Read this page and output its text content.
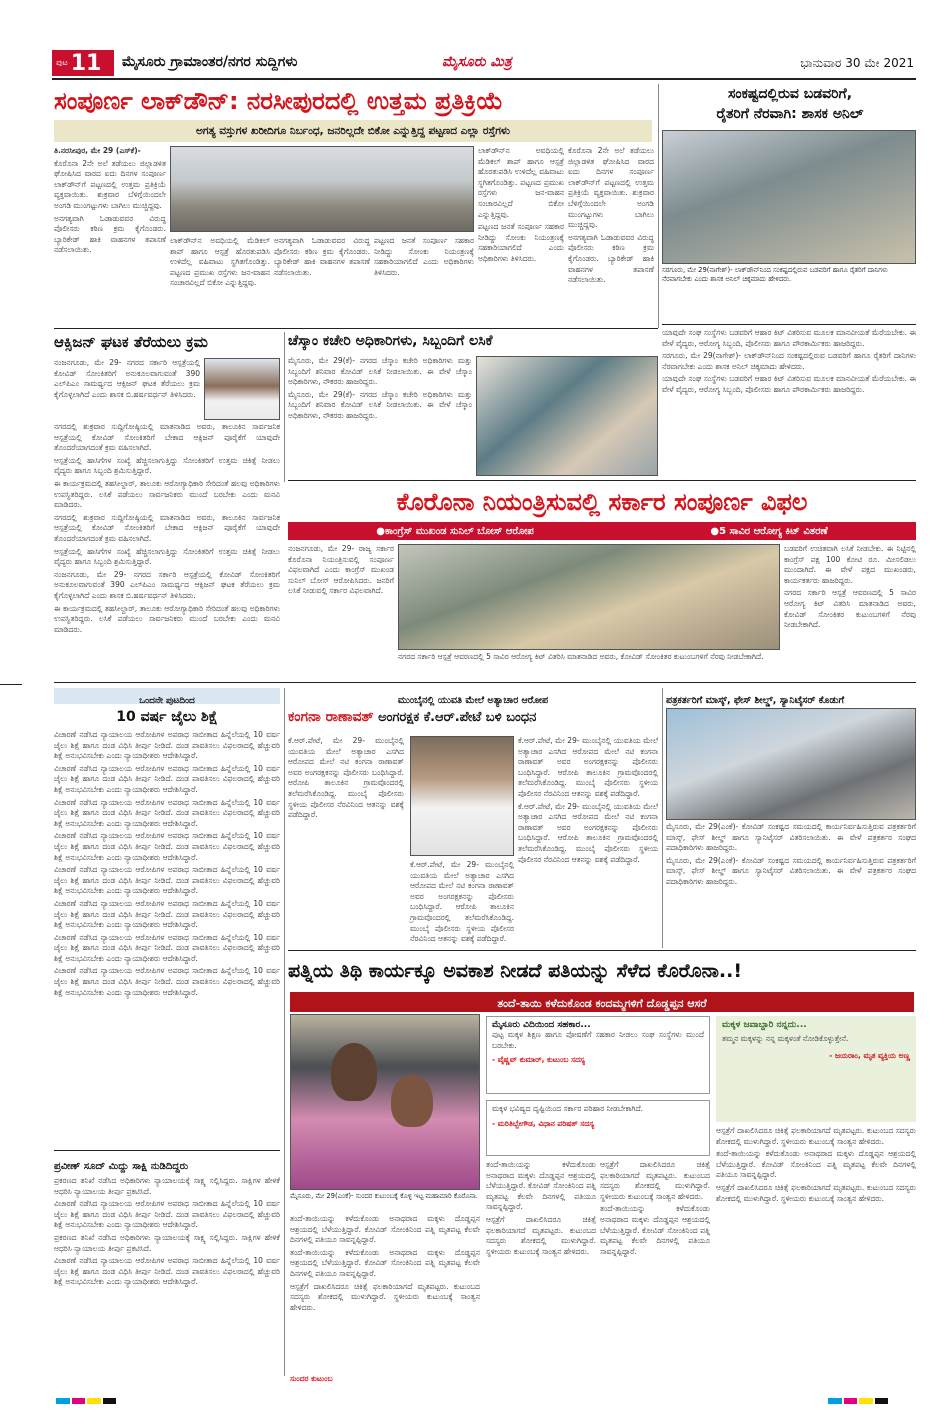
ಪುಟ 11 ಮೈಸೂರು ಗ್ರಾಮಾಂತರ/ನಗರ ಸುದ್ದಿಗಳು	ಮೈಸೂರು ಮಿತ್ರ	ಭಾನುವಾರ 30 ಮೇ 2021
ಸಂಪೂರ್ಣ ಲಾಕ್‌ಡೌನ್: ನರಸೀಪುರದಲ್ಲಿ ಉತ್ತಮ ಪ್ರತಿಕ್ರಿಯೆ
ಅಗತ್ಯ ವಸ್ತುಗಳ ಖರೀದಿಗೂ ನಿರ್ಬಂಧ, ಜನರಿಲ್ಲದೇ ಬಿಕೋ ಎನ್ನುತ್ತಿದ್ದ ಪಟ್ಟಣದ ಎಲ್ಲಾ ರಸ್ತೆಗಳು

ತಿ.ನರಸೀಪುರ, ಮೇ 29 (ಎಸ್‌ಕೆ)-

ಕೊರೊನಾ 2ನೇ ಅಲೆ ತಡೆಯಲು ಜಿಲ್ಲಾಡಳಿತ ಘೋಷಿಸಿದ ವಾರದ ಐದು ದಿನಗಳ ಸಂಪೂರ್ಣ ಲಾಕ್‌ಡೌನ್‌ಗೆ ಪಟ್ಟಣದಲ್ಲಿ ಉತ್ತಮ ಪ್ರತಿಕ್ರಿಯೆ ವ್ಯಕ್ತವಾಯಿತು. ಶುಕ್ರವಾರ ಬೆಳಿಗ್ಗೆಯಿಂದಲೇ ಅಂಗಡಿ ಮುಂಗಟ್ಟುಗಳು ಬಾಗಿಲು ಮುಚ್ಚಿದ್ದವು.

ಅನಗತ್ಯವಾಗಿ ಓಡಾಡುವವರ ವಿರುದ್ಧ ಪೊಲೀಸರು ಕಠಿಣ ಕ್ರಮ ಕೈಗೊಂಡರು. ಬ್ಯಾರಿಕೇಡ್ ಹಾಕಿ ವಾಹನಗಳ ತಪಾಸಣೆ ನಡೆಸಲಾಯಿತು.

ಲಾಕ್‌ಡೌನ್‌ನ ಅವಧಿಯಲ್ಲಿ ಮೆಡಿಕಲ್ ಶಾಪ್ ಹಾಗೂ ಆಸ್ಪತ್ರೆ ಹೊರತುಪಡಿಸಿ ಉಳಿದೆಲ್ಲ ವಹಿವಾಟು ಸ್ಥಗಿತಗೊಂಡಿತ್ತು. ಪಟ್ಟಣದ ಪ್ರಮುಖ ರಸ್ತೆಗಳು ಜನ-ವಾಹನ ಸಂಚಾರವಿಲ್ಲದೆ ಬಿಕೋ ಎನ್ನುತ್ತಿದ್ದವು.

ಅನಗತ್ಯವಾಗಿ ಓಡಾಡುವವರ ವಿರುದ್ಧ ಪೊಲೀಸರು ಕಠಿಣ ಕ್ರಮ ಕೈಗೊಂಡರು. ಬ್ಯಾರಿಕೇಡ್ ಹಾಕಿ ವಾಹನಗಳ ತಪಾಸಣೆ ನಡೆಸಲಾಯಿತು.

ಪಟ್ಟಣದ ಜನತೆ ಸಂಪೂರ್ಣ ಸಹಕಾರ ನೀಡಿದ್ದು ಸೋಂಕು ನಿಯಂತ್ರಣಕ್ಕೆ ಸಹಕಾರಿಯಾಗಲಿದೆ ಎಂದು ಅಧಿಕಾರಿಗಳು ತಿಳಿಸಿದರು.

ಲಾಕ್‌ಡೌನ್‌ನ ಅವಧಿಯಲ್ಲಿ ಮೆಡಿಕಲ್ ಶಾಪ್ ಹಾಗೂ ಆಸ್ಪತ್ರೆ ಹೊರತುಪಡಿಸಿ ಉಳಿದೆಲ್ಲ ವಹಿವಾಟು ಸ್ಥಗಿತಗೊಂಡಿತ್ತು. ಪಟ್ಟಣದ ಪ್ರಮುಖ ರಸ್ತೆಗಳು ಜನ-ವಾಹನ ಸಂಚಾರವಿಲ್ಲದೆ ಬಿಕೋ ಎನ್ನುತ್ತಿದ್ದವು.

ಪಟ್ಟಣದ ಜನತೆ ಸಂಪೂರ್ಣ ಸಹಕಾರ ನೀಡಿದ್ದು ಸೋಂಕು ನಿಯಂತ್ರಣಕ್ಕೆ ಸಹಕಾರಿಯಾಗಲಿದೆ ಎಂದು ಅಧಿಕಾರಿಗಳು ತಿಳಿಸಿದರು.

ಕೊರೊನಾ 2ನೇ ಅಲೆ ತಡೆಯಲು ಜಿಲ್ಲಾಡಳಿತ ಘೋಷಿಸಿದ ವಾರದ ಐದು ದಿನಗಳ ಸಂಪೂರ್ಣ ಲಾಕ್‌ಡೌನ್‌ಗೆ ಪಟ್ಟಣದಲ್ಲಿ ಉತ್ತಮ ಪ್ರತಿಕ್ರಿಯೆ ವ್ಯಕ್ತವಾಯಿತು. ಶುಕ್ರವಾರ ಬೆಳಿಗ್ಗೆಯಿಂದಲೇ ಅಂಗಡಿ ಮುಂಗಟ್ಟುಗಳು ಬಾಗಿಲು ಮುಚ್ಚಿದ್ದವು.

ಅನಗತ್ಯವಾಗಿ ಓಡಾಡುವವರ ವಿರುದ್ಧ ಪೊಲೀಸರು ಕಠಿಣ ಕ್ರಮ ಕೈಗೊಂಡರು. ಬ್ಯಾರಿಕೇಡ್ ಹಾಕಿ ವಾಹನಗಳ ತಪಾಸಣೆ ನಡೆಸಲಾಯಿತು.

ಸಂಕಷ್ಟದಲ್ಲಿರುವ ಬಡವರಿಗೆ,
ರೈತರಿಗೆ ನೆರವಾಗಿ: ಶಾಸಕ ಅನಿಲ್
ಸರಗೂರು, ಮೇ 29(ನಾಗೇಶ್)- ಲಾಕ್‌ಡೌನ್‌ನಿಂದ ಸಂಕಷ್ಟದಲ್ಲಿರುವ ಬಡವರಿಗೆ ಹಾಗೂ ರೈತರಿಗೆ ದಾನಿಗಳು ನೆರವಾಗಬೇಕು ಎಂದು ಶಾಸಕ ಅನಿಲ್ ಚಿಕ್ಕಮಾದು ಹೇಳಿದರು.

ಯಾವುದೇ ಸಂಘ ಸಂಸ್ಥೆಗಳು ಬಡವರಿಗೆ ಆಹಾರ ಕಿಟ್ ವಿತರಿಸುವ ಮೂಲಕ ಮಾನವೀಯತೆ ಮೆರೆಯಬೇಕು. ಈ ವೇಳೆ ವೈದ್ಯರು, ಆರೋಗ್ಯ ಸಿಬ್ಬಂದಿ, ಪೊಲೀಸರು ಹಾಗೂ ಪೌರಕಾರ್ಮಿಕರು ಹಾಜರಿದ್ದರು.

ಸರಗೂರು, ಮೇ 29(ನಾಗೇಶ್)- ಲಾಕ್‌ಡೌನ್‌ನಿಂದ ಸಂಕಷ್ಟದಲ್ಲಿರುವ ಬಡವರಿಗೆ ಹಾಗೂ ರೈತರಿಗೆ ದಾನಿಗಳು ನೆರವಾಗಬೇಕು ಎಂದು ಶಾಸಕ ಅನಿಲ್ ಚಿಕ್ಕಮಾದು ಹೇಳಿದರು.

ಯಾವುದೇ ಸಂಘ ಸಂಸ್ಥೆಗಳು ಬಡವರಿಗೆ ಆಹಾರ ಕಿಟ್ ವಿತರಿಸುವ ಮೂಲಕ ಮಾನವೀಯತೆ ಮೆರೆಯಬೇಕು. ಈ ವೇಳೆ ವೈದ್ಯರು, ಆರೋಗ್ಯ ಸಿಬ್ಬಂದಿ, ಪೊಲೀಸರು ಹಾಗೂ ಪೌರಕಾರ್ಮಿಕರು ಹಾಜರಿದ್ದರು.

ಆಕ್ಸಿಜನ್ ಘಟಕ ತೆರೆಯಲು ಕ್ರಮ

ನಂಜನಗೂಡು, ಮೇ 29- ನಗರದ ಸರ್ಕಾರಿ ಆಸ್ಪತ್ರೆಯಲ್ಲಿ ಕೋವಿಡ್ ಸೋಂಕಿತರಿಗೆ ಅನುಕೂಲವಾಗುವಂತೆ 390 ಎಲ್‌ಪಿಎಂ ಸಾಮರ್ಥ್ಯದ ಆಕ್ಸಿಜನ್ ಘಟಕ ತೆರೆಯಲು ಕ್ರಮ ಕೈಗೊಳ್ಳಲಾಗಿದೆ ಎಂದು ಶಾಸಕ ಬಿ.ಹರ್ಷವರ್ಧನ್ ತಿಳಿಸಿದರು.

ನಗರದಲ್ಲಿ ಶುಕ್ರವಾರ ಸುದ್ದಿಗೋಷ್ಠಿಯಲ್ಲಿ ಮಾತನಾಡಿದ ಅವರು, ತಾಲೂಕಿನ ಸಾರ್ವಜನಿಕ ಆಸ್ಪತ್ರೆಯಲ್ಲಿ ಕೋವಿಡ್ ಸೋಂಕಿತರಿಗೆ ಬೇಕಾದ ಆಕ್ಸಿಜನ್ ಪೂರೈಕೆಗೆ ಯಾವುದೇ ತೊಂದರೆಯಾಗದಂತೆ ಕ್ರಮ ವಹಿಸಲಾಗಿದೆ.

ಆಸ್ಪತ್ರೆಯಲ್ಲಿ ಹಾಸಿಗೆಗಳ ಸಂಖ್ಯೆ ಹೆಚ್ಚಿಸಲಾಗುತ್ತಿದ್ದು ಸೋಂಕಿತರಿಗೆ ಉತ್ತಮ ಚಿಕಿತ್ಸೆ ನೀಡಲು ವೈದ್ಯರು ಹಾಗೂ ಸಿಬ್ಬಂದಿ ಶ್ರಮಿಸುತ್ತಿದ್ದಾರೆ.

ಈ ಕಾರ್ಯಕ್ರಮದಲ್ಲಿ ತಹಸೀಲ್ದಾರ್, ತಾಲೂಕು ಆರೋಗ್ಯಾಧಿಕಾರಿ ಸೇರಿದಂತೆ ಹಲವು ಅಧಿಕಾರಿಗಳು ಉಪಸ್ಥಿತರಿದ್ದರು. ಲಸಿಕೆ ಪಡೆಯಲು ಸಾರ್ವಜನಿಕರು ಮುಂದೆ ಬರಬೇಕು ಎಂದು ಮನವಿ ಮಾಡಿದರು.

ನಗರದಲ್ಲಿ ಶುಕ್ರವಾರ ಸುದ್ದಿಗೋಷ್ಠಿಯಲ್ಲಿ ಮಾತನಾಡಿದ ಅವರು, ತಾಲೂಕಿನ ಸಾರ್ವಜನಿಕ ಆಸ್ಪತ್ರೆಯಲ್ಲಿ ಕೋವಿಡ್ ಸೋಂಕಿತರಿಗೆ ಬೇಕಾದ ಆಕ್ಸಿಜನ್ ಪೂರೈಕೆಗೆ ಯಾವುದೇ ತೊಂದರೆಯಾಗದಂತೆ ಕ್ರಮ ವಹಿಸಲಾಗಿದೆ.

ಆಸ್ಪತ್ರೆಯಲ್ಲಿ ಹಾಸಿಗೆಗಳ ಸಂಖ್ಯೆ ಹೆಚ್ಚಿಸಲಾಗುತ್ತಿದ್ದು ಸೋಂಕಿತರಿಗೆ ಉತ್ತಮ ಚಿಕಿತ್ಸೆ ನೀಡಲು ವೈದ್ಯರು ಹಾಗೂ ಸಿಬ್ಬಂದಿ ಶ್ರಮಿಸುತ್ತಿದ್ದಾರೆ.

ನಂಜನಗೂಡು, ಮೇ 29- ನಗರದ ಸರ್ಕಾರಿ ಆಸ್ಪತ್ರೆಯಲ್ಲಿ ಕೋವಿಡ್ ಸೋಂಕಿತರಿಗೆ ಅನುಕೂಲವಾಗುವಂತೆ 390 ಎಲ್‌ಪಿಎಂ ಸಾಮರ್ಥ್ಯದ ಆಕ್ಸಿಜನ್ ಘಟಕ ತೆರೆಯಲು ಕ್ರಮ ಕೈಗೊಳ್ಳಲಾಗಿದೆ ಎಂದು ಶಾಸಕ ಬಿ.ಹರ್ಷವರ್ಧನ್ ತಿಳಿಸಿದರು.

ಈ ಕಾರ್ಯಕ್ರಮದಲ್ಲಿ ತಹಸೀಲ್ದಾರ್, ತಾಲೂಕು ಆರೋಗ್ಯಾಧಿಕಾರಿ ಸೇರಿದಂತೆ ಹಲವು ಅಧಿಕಾರಿಗಳು ಉಪಸ್ಥಿತರಿದ್ದರು. ಲಸಿಕೆ ಪಡೆಯಲು ಸಾರ್ವಜನಿಕರು ಮುಂದೆ ಬರಬೇಕು ಎಂದು ಮನವಿ ಮಾಡಿದರು.

ಚೆಸ್ಕಾಂ ಕಚೇರಿ ಅಧಿಕಾರಿಗಳು, ಸಿಬ್ಬಂದಿಗೆ ಲಸಿಕೆ

ಮೈಸೂರು, ಮೇ 29(ಕೆ)- ನಗರದ ಚೆಸ್ಕಾಂ ಕಚೇರಿ ಅಧಿಕಾರಿಗಳು ಮತ್ತು ಸಿಬ್ಬಂದಿಗೆ ಶನಿವಾರ ಕೋವಿಡ್ ಲಸಿಕೆ ನೀಡಲಾಯಿತು. ಈ ವೇಳೆ ಚೆಸ್ಕಾಂ ಅಧಿಕಾರಿಗಳು, ನೌಕರರು ಹಾಜರಿದ್ದರು.

ಮೈಸೂರು, ಮೇ 29(ಕೆ)- ನಗರದ ಚೆಸ್ಕಾಂ ಕಚೇರಿ ಅಧಿಕಾರಿಗಳು ಮತ್ತು ಸಿಬ್ಬಂದಿಗೆ ಶನಿವಾರ ಕೋವಿಡ್ ಲಸಿಕೆ ನೀಡಲಾಯಿತು. ಈ ವೇಳೆ ಚೆಸ್ಕಾಂ ಅಧಿಕಾರಿಗಳು, ನೌಕರರು ಹಾಜರಿದ್ದರು.

ಕೊರೊನಾ ನಿಯಂತ್ರಿಸುವಲ್ಲಿ ಸರ್ಕಾರ ಸಂಪೂರ್ಣ ವಿಫಲ
●ಕಾಂಗ್ರೆಸ್ ಮುಖಂಡ ಸುನಿಲ್ ಬೋಸ್ ಆರೋಪ	●5 ಸಾವಿರ ಆರೋಗ್ಯ ಕಿಟ್ ವಿತರಣೆ

ನಂಜನಗೂಡು, ಮೇ 29- ರಾಜ್ಯ ಸರ್ಕಾರ ಕೊರೊನಾ ನಿಯಂತ್ರಿಸುವಲ್ಲಿ ಸಂಪೂರ್ಣ ವಿಫಲವಾಗಿದೆ ಎಂದು ಕಾಂಗ್ರೆಸ್ ಮುಖಂಡ ಸುನಿಲ್ ಬೋಸ್ ಆರೋಪಿಸಿದರು. ಜನರಿಗೆ ಲಸಿಕೆ ನೀಡುವಲ್ಲಿ ಸರ್ಕಾರ ವಿಫಲವಾಗಿದೆ.

ನಗರದ ಸರ್ಕಾರಿ ಆಸ್ಪತ್ರೆ ಆವರಣದಲ್ಲಿ 5 ಸಾವಿರ ಆರೋಗ್ಯ ಕಿಟ್ ವಿತರಿಸಿ ಮಾತನಾಡಿದ ಅವರು, ಕೋವಿಡ್ ಸೋಂಕಿತರ ಕುಟುಂಬಗಳಿಗೆ ನೆರವು ನೀಡಬೇಕಾಗಿದೆ.

ಬಡವರಿಗೆ ಉಚಿತವಾಗಿ ಲಸಿಕೆ ನೀಡಬೇಕು. ಈ ನಿಟ್ಟಿನಲ್ಲಿ ಕಾಂಗ್ರೆಸ್ ಪಕ್ಷ 100 ಕೋಟಿ ರೂ. ಮೀಸಲಿಡಲು ಮುಂದಾಗಿದೆ. ಈ ವೇಳೆ ಪಕ್ಷದ ಮುಖಂಡರು, ಕಾರ್ಯಕರ್ತರು ಹಾಜರಿದ್ದರು.

ನಗರದ ಸರ್ಕಾರಿ ಆಸ್ಪತ್ರೆ ಆವರಣದಲ್ಲಿ 5 ಸಾವಿರ ಆರೋಗ್ಯ ಕಿಟ್ ವಿತರಿಸಿ ಮಾತನಾಡಿದ ಅವರು, ಕೋವಿಡ್ ಸೋಂಕಿತರ ಕುಟುಂಬಗಳಿಗೆ ನೆರವು ನೀಡಬೇಕಾಗಿದೆ.

ಒಂದನೇ ಪುಟದಿಂದ
10 ವರ್ಷ ಜೈಲು ಶಿಕ್ಷೆ

ವಿಚಾರಣೆ ನಡೆಸಿದ ನ್ಯಾಯಾಲಯ ಆರೋಪಿಗಳ ಅಪರಾಧ ಸಾಬೀತಾದ ಹಿನ್ನೆಲೆಯಲ್ಲಿ 10 ವರ್ಷ ಜೈಲು ಶಿಕ್ಷೆ ಹಾಗೂ ದಂಡ ವಿಧಿಸಿ ತೀರ್ಪು ನೀಡಿದೆ. ದಂಡ ಪಾವತಿಸಲು ವಿಫಲರಾದಲ್ಲಿ ಹೆಚ್ಚುವರಿ ಶಿಕ್ಷೆ ಅನುಭವಿಸಬೇಕು ಎಂದು ನ್ಯಾಯಾಧೀಶರು ಆದೇಶಿಸಿದ್ದಾರೆ.

ವಿಚಾರಣೆ ನಡೆಸಿದ ನ್ಯಾಯಾಲಯ ಆರೋಪಿಗಳ ಅಪರಾಧ ಸಾಬೀತಾದ ಹಿನ್ನೆಲೆಯಲ್ಲಿ 10 ವರ್ಷ ಜೈಲು ಶಿಕ್ಷೆ ಹಾಗೂ ದಂಡ ವಿಧಿಸಿ ತೀರ್ಪು ನೀಡಿದೆ. ದಂಡ ಪಾವತಿಸಲು ವಿಫಲರಾದಲ್ಲಿ ಹೆಚ್ಚುವರಿ ಶಿಕ್ಷೆ ಅನುಭವಿಸಬೇಕು ಎಂದು ನ್ಯಾಯಾಧೀಶರು ಆದೇಶಿಸಿದ್ದಾರೆ.

ವಿಚಾರಣೆ ನಡೆಸಿದ ನ್ಯಾಯಾಲಯ ಆರೋಪಿಗಳ ಅಪರಾಧ ಸಾಬೀತಾದ ಹಿನ್ನೆಲೆಯಲ್ಲಿ 10 ವರ್ಷ ಜೈಲು ಶಿಕ್ಷೆ ಹಾಗೂ ದಂಡ ವಿಧಿಸಿ ತೀರ್ಪು ನೀಡಿದೆ. ದಂಡ ಪಾವತಿಸಲು ವಿಫಲರಾದಲ್ಲಿ ಹೆಚ್ಚುವರಿ ಶಿಕ್ಷೆ ಅನುಭವಿಸಬೇಕು ಎಂದು ನ್ಯಾಯಾಧೀಶರು ಆದೇಶಿಸಿದ್ದಾರೆ.

ವಿಚಾರಣೆ ನಡೆಸಿದ ನ್ಯಾಯಾಲಯ ಆರೋಪಿಗಳ ಅಪರಾಧ ಸಾಬೀತಾದ ಹಿನ್ನೆಲೆಯಲ್ಲಿ 10 ವರ್ಷ ಜೈಲು ಶಿಕ್ಷೆ ಹಾಗೂ ದಂಡ ವಿಧಿಸಿ ತೀರ್ಪು ನೀಡಿದೆ. ದಂಡ ಪಾವತಿಸಲು ವಿಫಲರಾದಲ್ಲಿ ಹೆಚ್ಚುವರಿ ಶಿಕ್ಷೆ ಅನುಭವಿಸಬೇಕು ಎಂದು ನ್ಯಾಯಾಧೀಶರು ಆದೇಶಿಸಿದ್ದಾರೆ.

ವಿಚಾರಣೆ ನಡೆಸಿದ ನ್ಯಾಯಾಲಯ ಆರೋಪಿಗಳ ಅಪರಾಧ ಸಾಬೀತಾದ ಹಿನ್ನೆಲೆಯಲ್ಲಿ 10 ವರ್ಷ ಜೈಲು ಶಿಕ್ಷೆ ಹಾಗೂ ದಂಡ ವಿಧಿಸಿ ತೀರ್ಪು ನೀಡಿದೆ. ದಂಡ ಪಾವತಿಸಲು ವಿಫಲರಾದಲ್ಲಿ ಹೆಚ್ಚುವರಿ ಶಿಕ್ಷೆ ಅನುಭವಿಸಬೇಕು ಎಂದು ನ್ಯಾಯಾಧೀಶರು ಆದೇಶಿಸಿದ್ದಾರೆ.

ವಿಚಾರಣೆ ನಡೆಸಿದ ನ್ಯಾಯಾಲಯ ಆರೋಪಿಗಳ ಅಪರಾಧ ಸಾಬೀತಾದ ಹಿನ್ನೆಲೆಯಲ್ಲಿ 10 ವರ್ಷ ಜೈಲು ಶಿಕ್ಷೆ ಹಾಗೂ ದಂಡ ವಿಧಿಸಿ ತೀರ್ಪು ನೀಡಿದೆ. ದಂಡ ಪಾವತಿಸಲು ವಿಫಲರಾದಲ್ಲಿ ಹೆಚ್ಚುವರಿ ಶಿಕ್ಷೆ ಅನುಭವಿಸಬೇಕು ಎಂದು ನ್ಯಾಯಾಧೀಶರು ಆದೇಶಿಸಿದ್ದಾರೆ.

ವಿಚಾರಣೆ ನಡೆಸಿದ ನ್ಯಾಯಾಲಯ ಆರೋಪಿಗಳ ಅಪರಾಧ ಸಾಬೀತಾದ ಹಿನ್ನೆಲೆಯಲ್ಲಿ 10 ವರ್ಷ ಜೈಲು ಶಿಕ್ಷೆ ಹಾಗೂ ದಂಡ ವಿಧಿಸಿ ತೀರ್ಪು ನೀಡಿದೆ. ದಂಡ ಪಾವತಿಸಲು ವಿಫಲರಾದಲ್ಲಿ ಹೆಚ್ಚುವರಿ ಶಿಕ್ಷೆ ಅನುಭವಿಸಬೇಕು ಎಂದು ನ್ಯಾಯಾಧೀಶರು ಆದೇಶಿಸಿದ್ದಾರೆ.

ವಿಚಾರಣೆ ನಡೆಸಿದ ನ್ಯಾಯಾಲಯ ಆರೋಪಿಗಳ ಅಪರಾಧ ಸಾಬೀತಾದ ಹಿನ್ನೆಲೆಯಲ್ಲಿ 10 ವರ್ಷ ಜೈಲು ಶಿಕ್ಷೆ ಹಾಗೂ ದಂಡ ವಿಧಿಸಿ ತೀರ್ಪು ನೀಡಿದೆ. ದಂಡ ಪಾವತಿಸಲು ವಿಫಲರಾದಲ್ಲಿ ಹೆಚ್ಚುವರಿ ಶಿಕ್ಷೆ ಅನುಭವಿಸಬೇಕು ಎಂದು ನ್ಯಾಯಾಧೀಶರು ಆದೇಶಿಸಿದ್ದಾರೆ.

ಪ್ರವೀಣ್ ಸೂದ್ ಮಿದ್ದು ಸಾಕ್ಷಿ ನುಡಿದಿದ್ದರು

ಪ್ರಕರಣದ ತನಿಖೆ ನಡೆಸಿದ ಅಧಿಕಾರಿಗಳು ನ್ಯಾಯಾಲಯಕ್ಕೆ ಸಾಕ್ಷ್ಯ ಸಲ್ಲಿಸಿದ್ದರು. ಸಾಕ್ಷಿಗಳ ಹೇಳಿಕೆ ಆಧರಿಸಿ ನ್ಯಾಯಾಲಯ ತೀರ್ಪು ಪ್ರಕಟಿಸಿದೆ.

ವಿಚಾರಣೆ ನಡೆಸಿದ ನ್ಯಾಯಾಲಯ ಆರೋಪಿಗಳ ಅಪರಾಧ ಸಾಬೀತಾದ ಹಿನ್ನೆಲೆಯಲ್ಲಿ 10 ವರ್ಷ ಜೈಲು ಶಿಕ್ಷೆ ಹಾಗೂ ದಂಡ ವಿಧಿಸಿ ತೀರ್ಪು ನೀಡಿದೆ. ದಂಡ ಪಾವತಿಸಲು ವಿಫಲರಾದಲ್ಲಿ ಹೆಚ್ಚುವರಿ ಶಿಕ್ಷೆ ಅನುಭವಿಸಬೇಕು ಎಂದು ನ್ಯಾಯಾಧೀಶರು ಆದೇಶಿಸಿದ್ದಾರೆ.

ಪ್ರಕರಣದ ತನಿಖೆ ನಡೆಸಿದ ಅಧಿಕಾರಿಗಳು ನ್ಯಾಯಾಲಯಕ್ಕೆ ಸಾಕ್ಷ್ಯ ಸಲ್ಲಿಸಿದ್ದರು. ಸಾಕ್ಷಿಗಳ ಹೇಳಿಕೆ ಆಧರಿಸಿ ನ್ಯಾಯಾಲಯ ತೀರ್ಪು ಪ್ರಕಟಿಸಿದೆ.

ವಿಚಾರಣೆ ನಡೆಸಿದ ನ್ಯಾಯಾಲಯ ಆರೋಪಿಗಳ ಅಪರಾಧ ಸಾಬೀತಾದ ಹಿನ್ನೆಲೆಯಲ್ಲಿ 10 ವರ್ಷ ಜೈಲು ಶಿಕ್ಷೆ ಹಾಗೂ ದಂಡ ವಿಧಿಸಿ ತೀರ್ಪು ನೀಡಿದೆ. ದಂಡ ಪಾವತಿಸಲು ವಿಫಲರಾದಲ್ಲಿ ಹೆಚ್ಚುವರಿ ಶಿಕ್ಷೆ ಅನುಭವಿಸಬೇಕು ಎಂದು ನ್ಯಾಯಾಧೀಶರು ಆದೇಶಿಸಿದ್ದಾರೆ.

ಮುಂಬೈನಲ್ಲಿ ಯುವತಿ ಮೇಲೆ ಅತ್ಯಾಚಾರ ಆರೋಪ
ಕಂಗನಾ ರಾಣಾವತ್ ಅಂಗರಕ್ಷಕ ಕೆ.ಆರ್.ಪೇಟೆ ಬಳಿ ಬಂಧನ

ಕೆ.ಆರ್.ಪೇಟೆ, ಮೇ 29- ಮುಂಬೈನಲ್ಲಿ ಯುವತಿಯ ಮೇಲೆ ಅತ್ಯಾಚಾರ ಎಸಗಿದ ಆರೋಪದ ಮೇಲೆ ನಟಿ ಕಂಗನಾ ರಾಣಾವತ್ ಅವರ ಅಂಗರಕ್ಷಕನನ್ನು ಪೊಲೀಸರು ಬಂಧಿಸಿದ್ದಾರೆ. ಆರೋಪಿ ತಾಲೂಕಿನ ಗ್ರಾಮವೊಂದರಲ್ಲಿ ತಲೆಮರೆಸಿಕೊಂಡಿದ್ದ. ಮುಂಬೈ ಪೊಲೀಸರು ಸ್ಥಳೀಯ ಪೊಲೀಸರ ನೆರವಿನಿಂದ ಆತನನ್ನು ವಶಕ್ಕೆ ಪಡೆದಿದ್ದಾರೆ.

ಕೆ.ಆರ್.ಪೇಟೆ, ಮೇ 29- ಮುಂಬೈನಲ್ಲಿ ಯುವತಿಯ ಮೇಲೆ ಅತ್ಯಾಚಾರ ಎಸಗಿದ ಆರೋಪದ ಮೇಲೆ ನಟಿ ಕಂಗನಾ ರಾಣಾವತ್ ಅವರ ಅಂಗರಕ್ಷಕನನ್ನು ಪೊಲೀಸರು ಬಂಧಿಸಿದ್ದಾರೆ. ಆರೋಪಿ ತಾಲೂಕಿನ ಗ್ರಾಮವೊಂದರಲ್ಲಿ ತಲೆಮರೆಸಿಕೊಂಡಿದ್ದ. ಮುಂಬೈ ಪೊಲೀಸರು ಸ್ಥಳೀಯ ಪೊಲೀಸರ ನೆರವಿನಿಂದ ಆತನನ್ನು ವಶಕ್ಕೆ ಪಡೆದಿದ್ದಾರೆ.

ಕೆ.ಆರ್.ಪೇಟೆ, ಮೇ 29- ಮುಂಬೈನಲ್ಲಿ ಯುವತಿಯ ಮೇಲೆ ಅತ್ಯಾಚಾರ ಎಸಗಿದ ಆರೋಪದ ಮೇಲೆ ನಟಿ ಕಂಗನಾ ರಾಣಾವತ್ ಅವರ ಅಂಗರಕ್ಷಕನನ್ನು ಪೊಲೀಸರು ಬಂಧಿಸಿದ್ದಾರೆ. ಆರೋಪಿ ತಾಲೂಕಿನ ಗ್ರಾಮವೊಂದರಲ್ಲಿ ತಲೆಮರೆಸಿಕೊಂಡಿದ್ದ. ಮುಂಬೈ ಪೊಲೀಸರು ಸ್ಥಳೀಯ ಪೊಲೀಸರ ನೆರವಿನಿಂದ ಆತನನ್ನು ವಶಕ್ಕೆ ಪಡೆದಿದ್ದಾರೆ.

ಕೆ.ಆರ್.ಪೇಟೆ, ಮೇ 29- ಮುಂಬೈನಲ್ಲಿ ಯುವತಿಯ ಮೇಲೆ ಅತ್ಯಾಚಾರ ಎಸಗಿದ ಆರೋಪದ ಮೇಲೆ ನಟಿ ಕಂಗನಾ ರಾಣಾವತ್ ಅವರ ಅಂಗರಕ್ಷಕನನ್ನು ಪೊಲೀಸರು ಬಂಧಿಸಿದ್ದಾರೆ. ಆರೋಪಿ ತಾಲೂಕಿನ ಗ್ರಾಮವೊಂದರಲ್ಲಿ ತಲೆಮರೆಸಿಕೊಂಡಿದ್ದ. ಮುಂಬೈ ಪೊಲೀಸರು ಸ್ಥಳೀಯ ಪೊಲೀಸರ ನೆರವಿನಿಂದ ಆತನನ್ನು ವಶಕ್ಕೆ ಪಡೆದಿದ್ದಾರೆ.

ಪತ್ರಕರ್ತರಿಗೆ ಮಾಸ್ಕ್, ಫೇಸ್ ಶೀಲ್ಡ್, ಸ್ಯಾನಿಟೈಸರ್ ಕೊಡುಗೆ

ಮೈಸೂರು, ಮೇ 29(ಎಂಕೆ)- ಕೋವಿಡ್ ಸಂಕಷ್ಟದ ಸಮಯದಲ್ಲಿ ಕಾರ್ಯನಿರ್ವಹಿಸುತ್ತಿರುವ ಪತ್ರಕರ್ತರಿಗೆ ಮಾಸ್ಕ್, ಫೇಸ್ ಶೀಲ್ಡ್ ಹಾಗೂ ಸ್ಯಾನಿಟೈಸರ್ ವಿತರಿಸಲಾಯಿತು. ಈ ವೇಳೆ ಪತ್ರಕರ್ತರ ಸಂಘದ ಪದಾಧಿಕಾರಿಗಳು ಹಾಜರಿದ್ದರು.

ಮೈಸೂರು, ಮೇ 29(ಎಂಕೆ)- ಕೋವಿಡ್ ಸಂಕಷ್ಟದ ಸಮಯದಲ್ಲಿ ಕಾರ್ಯನಿರ್ವಹಿಸುತ್ತಿರುವ ಪತ್ರಕರ್ತರಿಗೆ ಮಾಸ್ಕ್, ಫೇಸ್ ಶೀಲ್ಡ್ ಹಾಗೂ ಸ್ಯಾನಿಟೈಸರ್ ವಿತರಿಸಲಾಯಿತು. ಈ ವೇಳೆ ಪತ್ರಕರ್ತರ ಸಂಘದ ಪದಾಧಿಕಾರಿಗಳು ಹಾಜರಿದ್ದರು.

ಪತ್ನಿಯ ತಿಥಿ ಕಾರ್ಯಕ್ಕೂ ಅವಕಾಶ ನೀಡದೆ ಪತಿಯನ್ನು ಸೆಳೆದ ಕೊರೊನಾ..!
ತಂದೆ-ತಾಯಿ ಕಳೆದುಕೊಂಡ ಕಂದಮ್ಮಗಳಿಗೆ ದೊಡ್ಡಪ್ಪನ ಆಸರೆ
ಮೈಸೂರು, ಮೇ 29(ಎಂಕೆ)- ಸುಂದರ ಕುಟುಂಬಕ್ಕೆ ಕೊಳ್ಳಿ ಇಟ್ಟ ಮಹಾಮಾರಿ ಕೊರೊನಾ.

ತಂದೆ-ತಾಯಿಯನ್ನು ಕಳೆದುಕೊಂಡು ಅನಾಥರಾದ ಮಕ್ಕಳು ದೊಡ್ಡಪ್ಪನ ಆಶ್ರಯದಲ್ಲಿ ಬೆಳೆಯುತ್ತಿದ್ದಾರೆ. ಕೋವಿಡ್ ಸೋಂಕಿನಿಂದ ಪತ್ನಿ ಮೃತಪಟ್ಟ ಕೆಲವೇ ದಿನಗಳಲ್ಲಿ ಪತಿಯೂ ಸಾವನ್ನಪ್ಪಿದ್ದಾರೆ.

ತಂದೆ-ತಾಯಿಯನ್ನು ಕಳೆದುಕೊಂಡು ಅನಾಥರಾದ ಮಕ್ಕಳು ದೊಡ್ಡಪ್ಪನ ಆಶ್ರಯದಲ್ಲಿ ಬೆಳೆಯುತ್ತಿದ್ದಾರೆ. ಕೋವಿಡ್ ಸೋಂಕಿನಿಂದ ಪತ್ನಿ ಮೃತಪಟ್ಟ ಕೆಲವೇ ದಿನಗಳಲ್ಲಿ ಪತಿಯೂ ಸಾವನ್ನಪ್ಪಿದ್ದಾರೆ.

ಆಸ್ಪತ್ರೆಗೆ ದಾಖಲಿಸಿದರೂ ಚಿಕಿತ್ಸೆ ಫಲಕಾರಿಯಾಗದೆ ಮೃತಪಟ್ಟರು. ಕುಟುಂಬದ ಸದಸ್ಯರು ಶೋಕದಲ್ಲಿ ಮುಳುಗಿದ್ದಾರೆ. ಸ್ಥಳೀಯರು ಕುಟುಂಬಕ್ಕೆ ಸಾಂತ್ವನ ಹೇಳಿದರು.

ಮೈಸೂರು ವಿದಿಯಿಂದ ಸಹಕಾರ...
ಪುಟ್ಟ ಮಕ್ಕಳ ಶಿಕ್ಷಣ ಹಾಗೂ ಪೋಷಣೆಗೆ ಸಹಕಾರ ನೀಡಲು ಸಂಘ ಸಂಸ್ಥೆಗಳು ಮುಂದೆ ಬರಬೇಕು.
- ವೈಷ್ಣವ್ ಕುಮಾರ್, ಕುಟುಂಬ ಸದಸ್ಯ
ಮಕ್ಕಳ ಭವಿಷ್ಯದ ದೃಷ್ಟಿಯಿಂದ ಸರ್ಕಾರ ಪರಿಹಾರ ನೀಡಬೇಕಾಗಿದೆ.
- ಮರಿತಿಬ್ಬೇಗೌಡ, ವಿಧಾನ ಪರಿಷತ್ ಸದಸ್ಯ
ಮಕ್ಕಳ ಜವಾಬ್ದಾರಿ ನನ್ನದು...
ತಮ್ಮನ ಮಕ್ಕಳನ್ನು ನನ್ನ ಮಕ್ಕಳಂತೆ ನೋಡಿಕೊಳ್ಳುತ್ತೇನೆ.
- ಜಯರಾಂ, ಮೃತ ವ್ಯಕ್ತಿಯ ಅಣ್ಣ

ತಂದೆ-ತಾಯಿಯನ್ನು ಕಳೆದುಕೊಂಡು ಅನಾಥರಾದ ಮಕ್ಕಳು ದೊಡ್ಡಪ್ಪನ ಆಶ್ರಯದಲ್ಲಿ ಬೆಳೆಯುತ್ತಿದ್ದಾರೆ. ಕೋವಿಡ್ ಸೋಂಕಿನಿಂದ ಪತ್ನಿ ಮೃತಪಟ್ಟ ಕೆಲವೇ ದಿನಗಳಲ್ಲಿ ಪತಿಯೂ ಸಾವನ್ನಪ್ಪಿದ್ದಾರೆ.

ಆಸ್ಪತ್ರೆಗೆ ದಾಖಲಿಸಿದರೂ ಚಿಕಿತ್ಸೆ ಫಲಕಾರಿಯಾಗದೆ ಮೃತಪಟ್ಟರು. ಕುಟುಂಬದ ಸದಸ್ಯರು ಶೋಕದಲ್ಲಿ ಮುಳುಗಿದ್ದಾರೆ. ಸ್ಥಳೀಯರು ಕುಟುಂಬಕ್ಕೆ ಸಾಂತ್ವನ ಹೇಳಿದರು.

ಆಸ್ಪತ್ರೆಗೆ ದಾಖಲಿಸಿದರೂ ಚಿಕಿತ್ಸೆ ಫಲಕಾರಿಯಾಗದೆ ಮೃತಪಟ್ಟರು. ಕುಟುಂಬದ ಸದಸ್ಯರು ಶೋಕದಲ್ಲಿ ಮುಳುಗಿದ್ದಾರೆ. ಸ್ಥಳೀಯರು ಕುಟುಂಬಕ್ಕೆ ಸಾಂತ್ವನ ಹೇಳಿದರು.

ತಂದೆ-ತಾಯಿಯನ್ನು ಕಳೆದುಕೊಂಡು ಅನಾಥರಾದ ಮಕ್ಕಳು ದೊಡ್ಡಪ್ಪನ ಆಶ್ರಯದಲ್ಲಿ ಬೆಳೆಯುತ್ತಿದ್ದಾರೆ. ಕೋವಿಡ್ ಸೋಂಕಿನಿಂದ ಪತ್ನಿ ಮೃತಪಟ್ಟ ಕೆಲವೇ ದಿನಗಳಲ್ಲಿ ಪತಿಯೂ ಸಾವನ್ನಪ್ಪಿದ್ದಾರೆ.

ಆಸ್ಪತ್ರೆಗೆ ದಾಖಲಿಸಿದರೂ ಚಿಕಿತ್ಸೆ ಫಲಕಾರಿಯಾಗದೆ ಮೃತಪಟ್ಟರು. ಕುಟುಂಬದ ಸದಸ್ಯರು ಶೋಕದಲ್ಲಿ ಮುಳುಗಿದ್ದಾರೆ. ಸ್ಥಳೀಯರು ಕುಟುಂಬಕ್ಕೆ ಸಾಂತ್ವನ ಹೇಳಿದರು.

ತಂದೆ-ತಾಯಿಯನ್ನು ಕಳೆದುಕೊಂಡು ಅನಾಥರಾದ ಮಕ್ಕಳು ದೊಡ್ಡಪ್ಪನ ಆಶ್ರಯದಲ್ಲಿ ಬೆಳೆಯುತ್ತಿದ್ದಾರೆ. ಕೋವಿಡ್ ಸೋಂಕಿನಿಂದ ಪತ್ನಿ ಮೃತಪಟ್ಟ ಕೆಲವೇ ದಿನಗಳಲ್ಲಿ ಪತಿಯೂ ಸಾವನ್ನಪ್ಪಿದ್ದಾರೆ.

ಆಸ್ಪತ್ರೆಗೆ ದಾಖಲಿಸಿದರೂ ಚಿಕಿತ್ಸೆ ಫಲಕಾರಿಯಾಗದೆ ಮೃತಪಟ್ಟರು. ಕುಟುಂಬದ ಸದಸ್ಯರು ಶೋಕದಲ್ಲಿ ಮುಳುಗಿದ್ದಾರೆ. ಸ್ಥಳೀಯರು ಕುಟುಂಬಕ್ಕೆ ಸಾಂತ್ವನ ಹೇಳಿದರು.

ಸುಂದರ ಕುಟುಂಬ
